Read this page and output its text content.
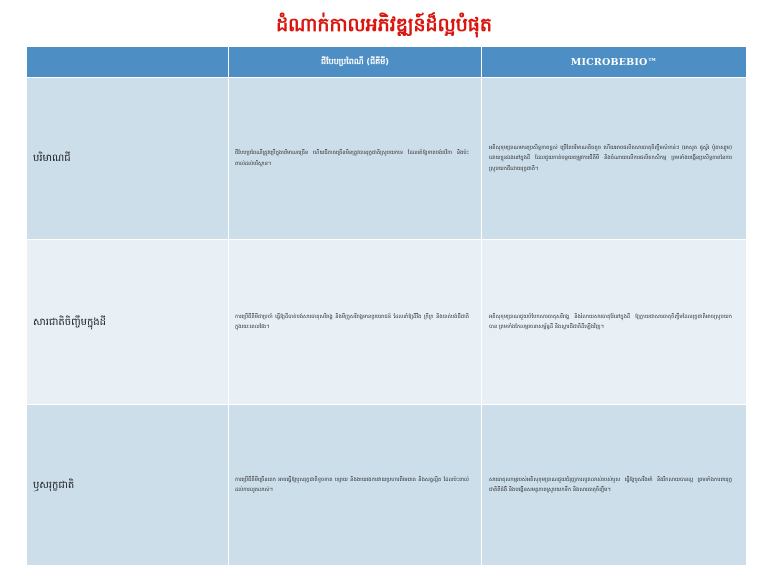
ដំណាក់កាលអភិវឌ្ឍន៍ដ៏ល្អបំផុត
	ជីបែបប្រពៃណី (ជីគីមី)	MICROBEBIO™
បរិមាណជី	ជីបែបប្រពៃណីត្រូវប្រើក្នុងបរិមាណច្រើន ហើយជីភាគច្រើនមិនត្រូវបានរុក្ខជាតិស្រូបយកទេ ដែលនាំឱ្យខាតបង់ថវិកា និងប៉ះពាល់ដល់បរិស្ថាន។	អតិសុខុមប្រាណមានប្រសិទ្ធភាពខ្ពស់ ប្រើតែបរិមាណតិចតួច ហើយអាចផលិតសារធាតុចិញ្ចឹមសំខាន់ៗ (អាសូត ផូស្វ័រ ប៉ូតាស្យូម) ដោយខ្លួនឯងនៅក្នុងដី ដែលជួយកាត់បន្ថយតម្រូវការជីគីមី និងចំណាយលើការផលិតកសិកម្ម ព្រមទាំងបង្កើនប្រសិទ្ធភាពនៃការស្រូបយកជីដោយរុក្ខជាតិ។
សារជាតិចិញ្ចឹមក្នុងដី	ការប្រើជីគីមីជាប្រចាំ ធ្វើឱ្យដីបាត់បង់សារធាតុសរីរាង្គ និងមីក្រូសរីរាង្គមានប្រយោជន៍ ដែលនាំឱ្យដីរឹង ក្រីក្រ និងបាត់បង់ជីជាតិក្នុងរយៈពេលវែង។	អតិសុខុមប្រាណជួយបំបែកសារធាតុសរីរាង្គ និងរំលាយសារធាតុរ៉ែនៅក្នុងដី ឱ្យក្លាយជាសារធាតុចិញ្ចឹមដែលរុក្ខជាតិអាចស្រូបយកបាន ព្រមទាំងកែលម្អរចនាសម្ព័ន្ធដី និងស្តារជីជាតិដីឡើងវិញ។
ឫសរុក្ខជាតិ	ការប្រើជីគីមីច្រើនពេក អាចធ្វើឱ្យឫសរុក្ខជាតិខូចខាត ខ្សោយ និងងាយរងការវាយប្រហារពីមេរោគ និងសត្វល្អិត ដែលប៉ះពាល់ដល់ការលូតលាស់។	សារធាតុសកម្មរបស់អតិសុខុមប្រាណជួយជំរុញការលូតលាស់របស់ឫស ធ្វើឱ្យឫសរឹងមាំ និងរីកសាយបានល្អ ព្រមទាំងការពាររុក្ខជាតិពីជំងឺ និងបង្កើនសមត្ថភាពស្រូបយកទឹក និងសារធាតុចិញ្ចឹម។
